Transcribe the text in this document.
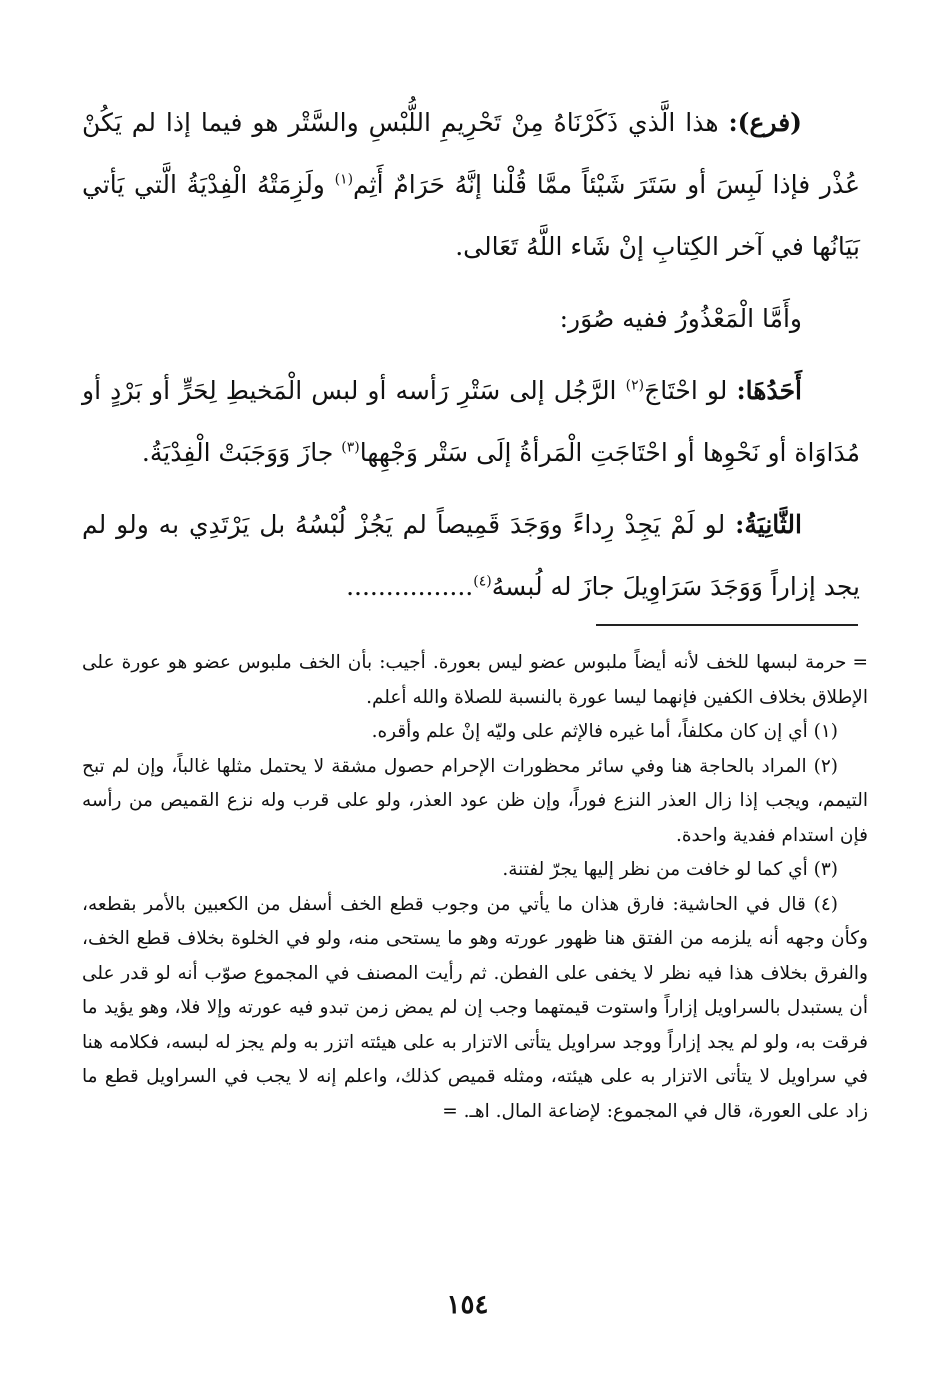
(فرع): هذا الَّذي ذَكَرْنَاهُ مِنْ تَحْرِيمِ اللُّبْسِ والسَّتْر هو فيما إذا لم يَكُنْ عُذْر فإذا لَبِسَ أو سَتَرَ شَيْئاً ممَّا قُلْنا إنَّهُ حَرَامٌ أَثِم$^{(١)}$ ولَزِمَتْهُ الْفِدْيَةُ الَّتي يَأتي بَيَانُها في آخر الكِتابِ إنْ شَاء اللَّهُ تَعَالى.

وأَمَّا الْمَعْذُورُ ففيه صُوَر:

أَحَدُهَا: لو احْتَاجَ$^{(٢)}$ الرَّجُل إلى سَتْرِ رَأسه أو لبس الْمَخيطِ لِحَرٍّ أو بَرْدٍ أو مُدَاوَاة أو نَحْوِها أو احْتَاجَتِ الْمَرأةُ إلَى سَتْر وَجْهِها$^{(٣)}$ جازَ وَوَجَبَتْ الْفِدْيَةُ.

الثَّانِيَةُ: لو لَمْ يَجِدْ رِداءً ووَجَدَ قَمِيصاً لم يَجُزْ لُبْسُهُ بل يَرْتَدِي به ولو لم يجد إزاراً وَوَجَدَ سَرَاوِيلَ جازَ له لُبسهُ$^{(٤)}$................

=حرمة لبسها للخف لأنه أيضاً ملبوس عضو ليس بعورة. أجيب: بأن الخف ملبوس عضو هو عورة على الإطلاق بخلاف الكفين فإنهما ليسا عورة بالنسبة للصلاة والله أعلم.

(١) أي إن كان مكلفاً، أما غيره فالإثم على وليّه إنْ علم وأقره.

(٢) المراد بالحاجة هنا وفي سائر محظورات الإحرام حصول مشقة لا يحتمل مثلها غالباً، وإن لم تبح التيمم، ويجب إذا زال العذر النزع فوراً، وإن ظن عود العذر، ولو على قرب وله نزع القميص من رأسه فإن استدام ففدية واحدة.

(٣) أي كما لو خافت من نظر إليها يجرّ لفتنة.

(٤) قال في الحاشية: فارق هذان ما يأتي من وجوب قطع الخف أسفل من الكعبين بالأمر بقطعه، وكأن وجهه أنه يلزمه من الفتق هنا ظهور عورته وهو ما يستحى منه، ولو في الخلوة بخلاف قطع الخف، والفرق بخلاف هذا فيه نظر لا يخفى على الفطن. ثم رأيت المصنف في المجموع صوّب أنه لو قدر على أن يستبدل بالسراويل إزاراً واستوت قيمتهما وجب إن لم يمض زمن تبدو فيه عورته وإلا فلا، وهو يؤيد ما فرقت به، ولو لم يجد إزاراً ووجد سراويل يتأتى الاتزار به على هيئته اتزر به ولم يجز له لبسه، فكلامه هنا في سراويل لا يتأتى الاتزار به على هيئته، ومثله قميص كذلك، واعلم إنه لا يجب في السراويل قطع ما زاد على العورة، قال في المجموع: لإضاعة المال. اهـ. =

١٥٤
